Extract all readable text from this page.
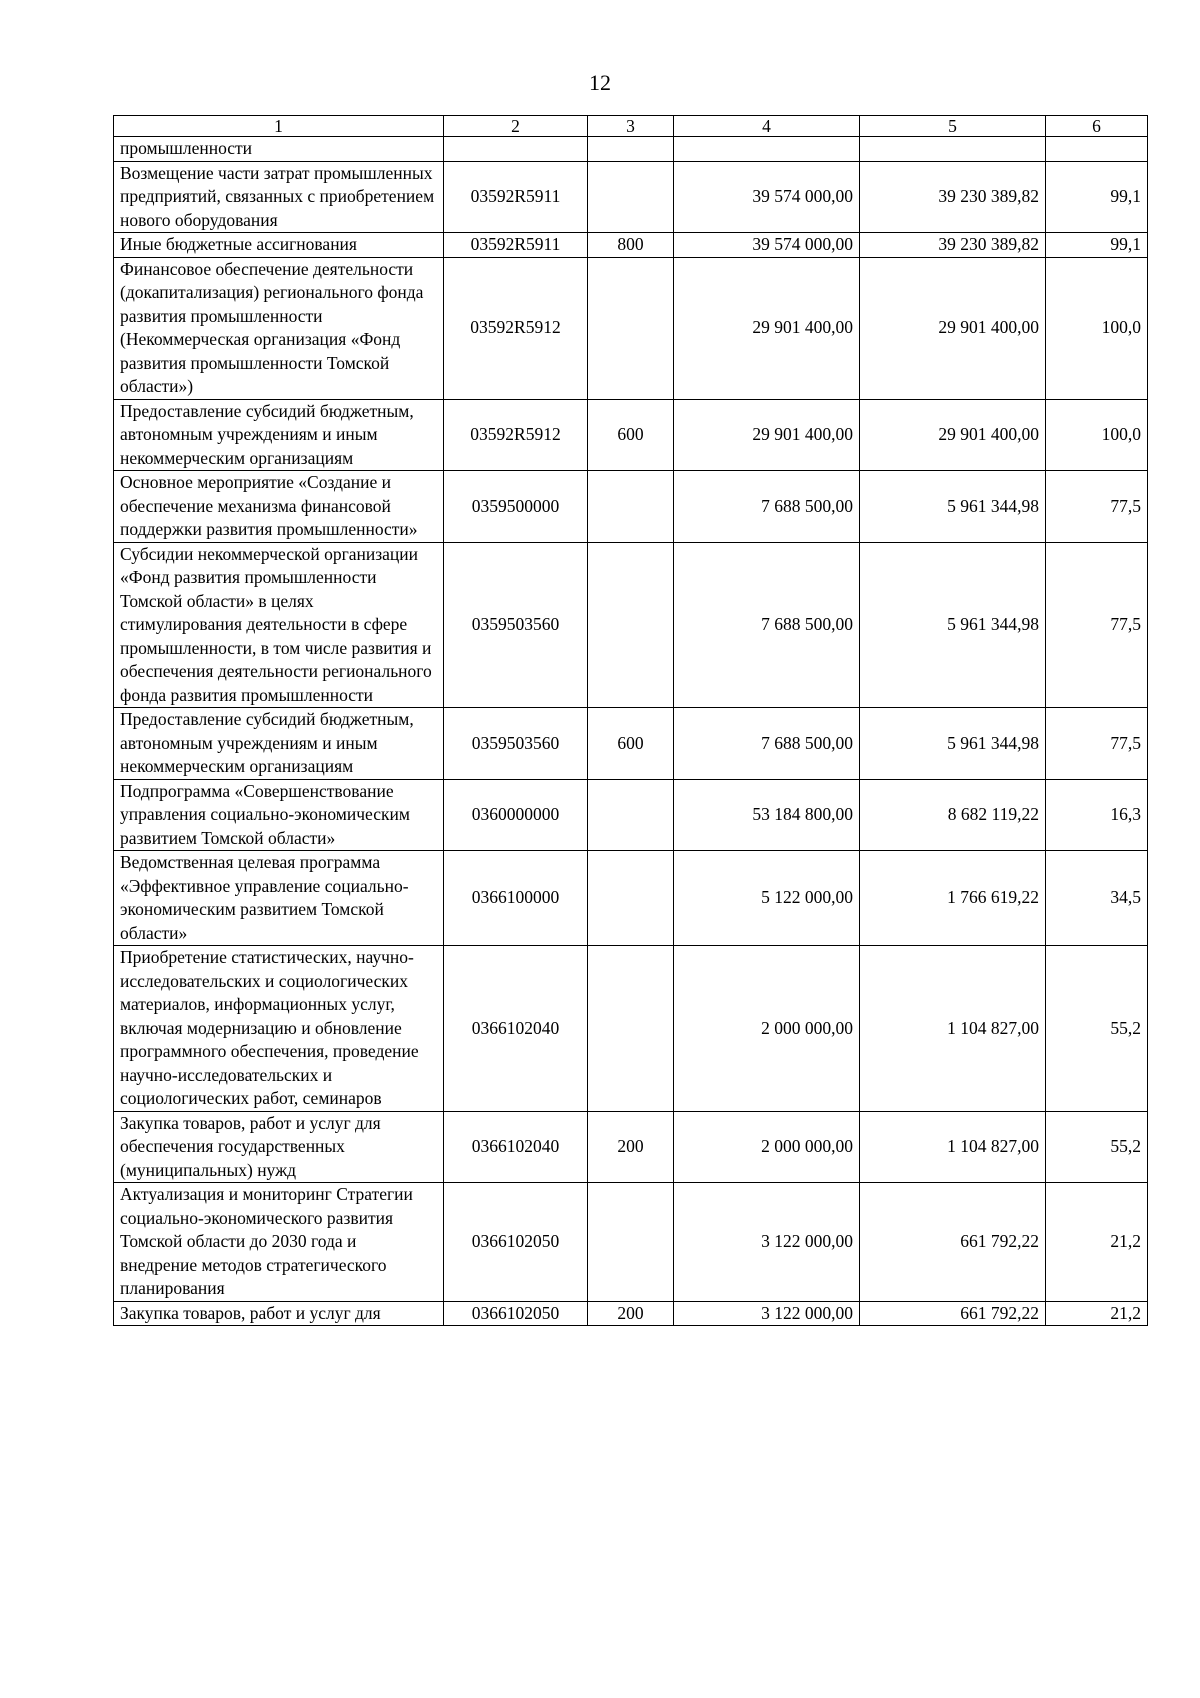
12
1	2	3	4	5	6
промышленности					
Возмещение части затрат промышленных предприятий, связанных с приобретением нового оборудования	03592R5911		39 574 000,00	39 230 389,82	99,1
Иные бюджетные ассигнования	03592R5911	800	39 574 000,00	39 230 389,82	99,1
Финансовое обеспечение деятельности (докапитализация) регионального фонда развития промышленности (Некоммерческая организация «Фонд развития промышленности Томской области»)	03592R5912		29 901 400,00	29 901 400,00	100,0
Предоставление субсидий бюджетным, автономным учреждениям и иным некоммерческим организациям	03592R5912	600	29 901 400,00	29 901 400,00	100,0
Основное мероприятие «Создание и обеспечение механизма финансовой поддержки развития промышленности»	0359500000		7 688 500,00	5 961 344,98	77,5
Субсидии некоммерческой организации «Фонд развития промышленности Томской области» в целях стимулирования деятельности в сфере промышленности, в том числе развития и обеспечения деятельности регионального фонда развития промышленности	0359503560		7 688 500,00	5 961 344,98	77,5
Предоставление субсидий бюджетным, автономным учреждениям и иным некоммерческим организациям	0359503560	600	7 688 500,00	5 961 344,98	77,5
Подпрограмма «Совершенствование управления социально-экономическим развитием Томской области»	0360000000		53 184 800,00	8 682 119,22	16,3
Ведомственная целевая программа «Эффективное управление социально-экономическим развитием Томской области»	0366100000		5 122 000,00	1 766 619,22	34,5
Приобретение статистических, научно-исследовательских и социологических материалов, информационных услуг, включая модернизацию и обновление программного обеспечения, проведение научно-исследовательских и социологических работ, семинаров	0366102040		2 000 000,00	1 104 827,00	55,2
Закупка товаров, работ и услуг для обеспечения государственных (муниципальных) нужд	0366102040	200	2 000 000,00	1 104 827,00	55,2
Актуализация и мониторинг Стратегии социально-экономического развития Томской области до 2030 года и внедрение методов стратегического планирования	0366102050		3 122 000,00	661 792,22	21,2
Закупка товаров, работ и услуг для	0366102050	200	3 122 000,00	661 792,22	21,2
